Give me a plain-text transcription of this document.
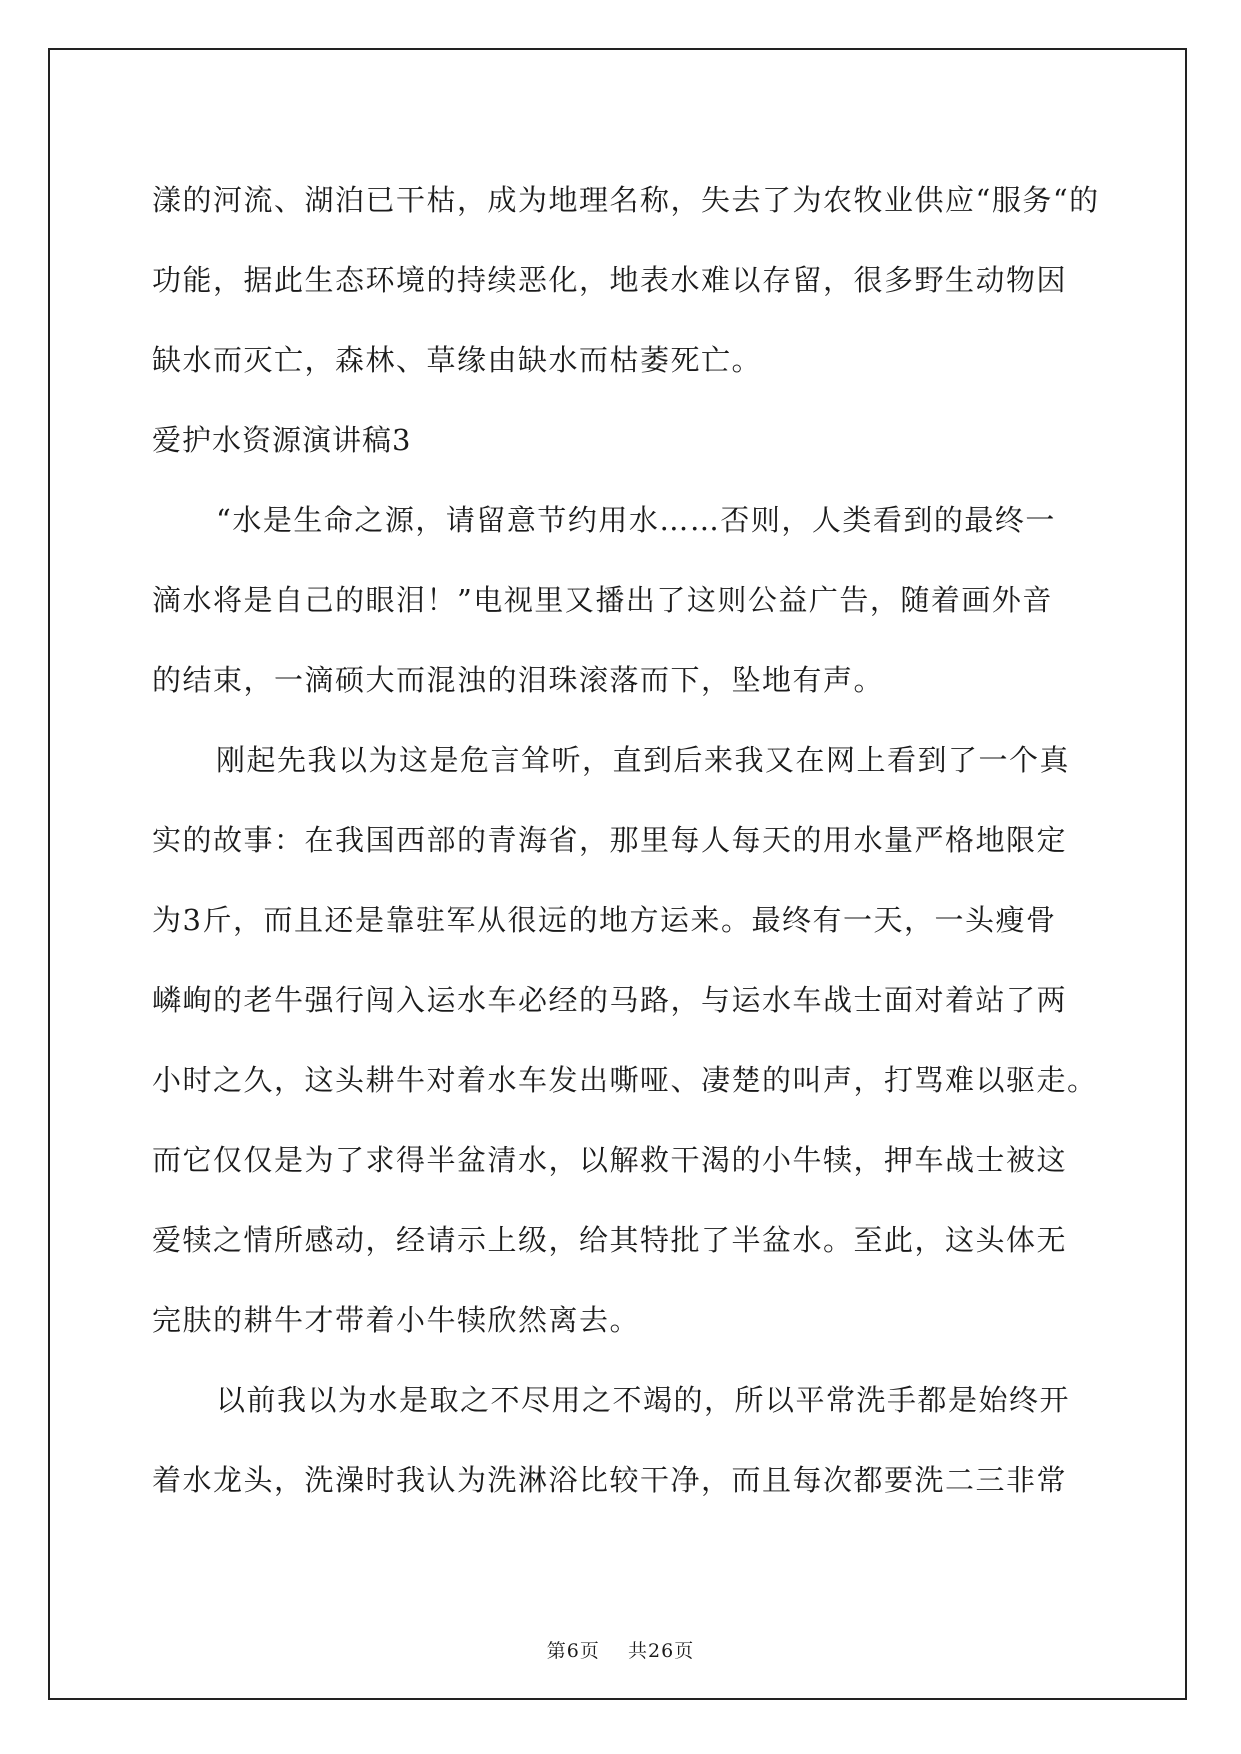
漾的河流、湖泊已干枯，成为地理名称，失去了为农牧业供应“服务“的
功能，据此生态环境的持续恶化，地表水难以存留，很多野生动物因
缺水而灭亡，森林、草缘由缺水而枯萎死亡。
爱护水资源演讲稿3
“水是生命之源，请留意节约用水……否则，人类看到的最终一
滴水将是自己的眼泪！”电视里又播出了这则公益广告，随着画外音
的结束，一滴硕大而混浊的泪珠滚落而下，坠地有声。
刚起先我以为这是危言耸听，直到后来我又在网上看到了一个真
实的故事：在我国西部的青海省，那里每人每天的用水量严格地限定
为3斤，而且还是靠驻军从很远的地方运来。最终有一天，一头瘦骨
嶙峋的老牛强行闯入运水车必经的马路，与运水车战士面对着站了两
小时之久，这头耕牛对着水车发出嘶哑、凄楚的叫声，打骂难以驱走。
而它仅仅是为了求得半盆清水，以解救干渴的小牛犊，押车战士被这
爱犊之情所感动，经请示上级，给其特批了半盆水。至此，这头体无
完肤的耕牛才带着小牛犊欣然离去。
以前我以为水是取之不尽用之不竭的，所以平常洗手都是始终开
着水龙头，洗澡时我认为洗淋浴比较干净，而且每次都要洗二三非常
第6页 共26页
